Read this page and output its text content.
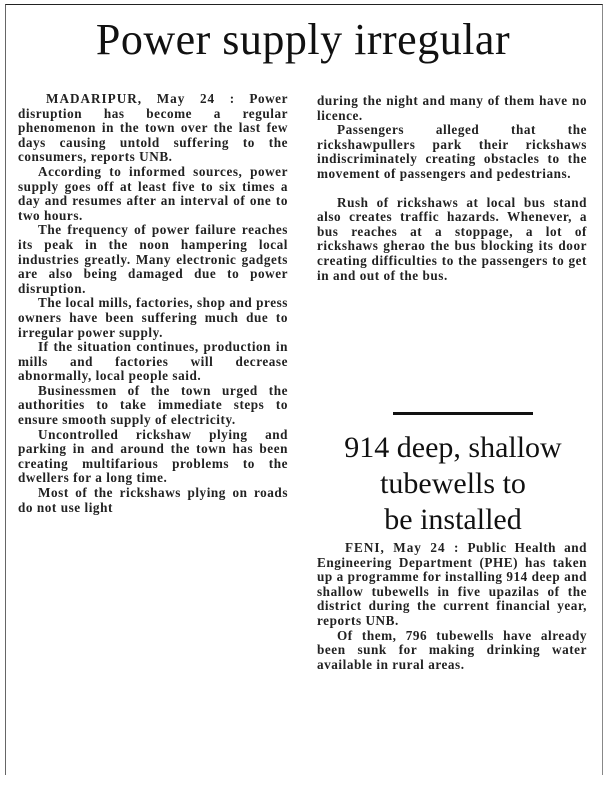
Power supply irregular

MADARIPUR, May 24 : Power disruption has become a regular phenomenon in the town over the last few days causing untold suffering to the consumers, reports UNB.

According to informed sources, power supply goes off at least five to six times a day and resumes after an interval of one to two hours.

The frequency of power failure reaches its peak in the noon hampering local industries greatly. Many electronic gadgets are also being damaged due to power disruption.

The local mills, factories, shop and press owners have been suffering much due to irregular power supply.

If the situation continues, production in mills and factories will decrease abnormally, local people said.

Businessmen of the town urged the authorities to take immediate steps to ensure smooth supply of electricity.

Uncontrolled rickshaw plying and parking in and around the town has been creating multifarious problems to the dwellers for a long time.

Most of the rickshaws plying on roads do not use light

during the night and many of them have no licence.

Passengers alleged that the rickshawpullers park their rickshaws indiscriminately creating obstacles to the movement of passengers and pedestrians.

Rush of rickshaws at local bus stand also creates traffic hazards. Whenever, a bus reaches at a stoppage, a lot of rickshaws gherao the bus blocking its door creating difficulties to the passengers to get in and out of the bus.

914 deep, shallow
tubewells to
be installed

FENI, May 24 : Public Health and Engineering Department (PHE) has taken up a programme for installing 914 deep and shallow tubewells in five upazilas of the district during the current financial year, reports UNB.

Of them, 796 tubewells have already been sunk for making drinking water available in rural areas.
